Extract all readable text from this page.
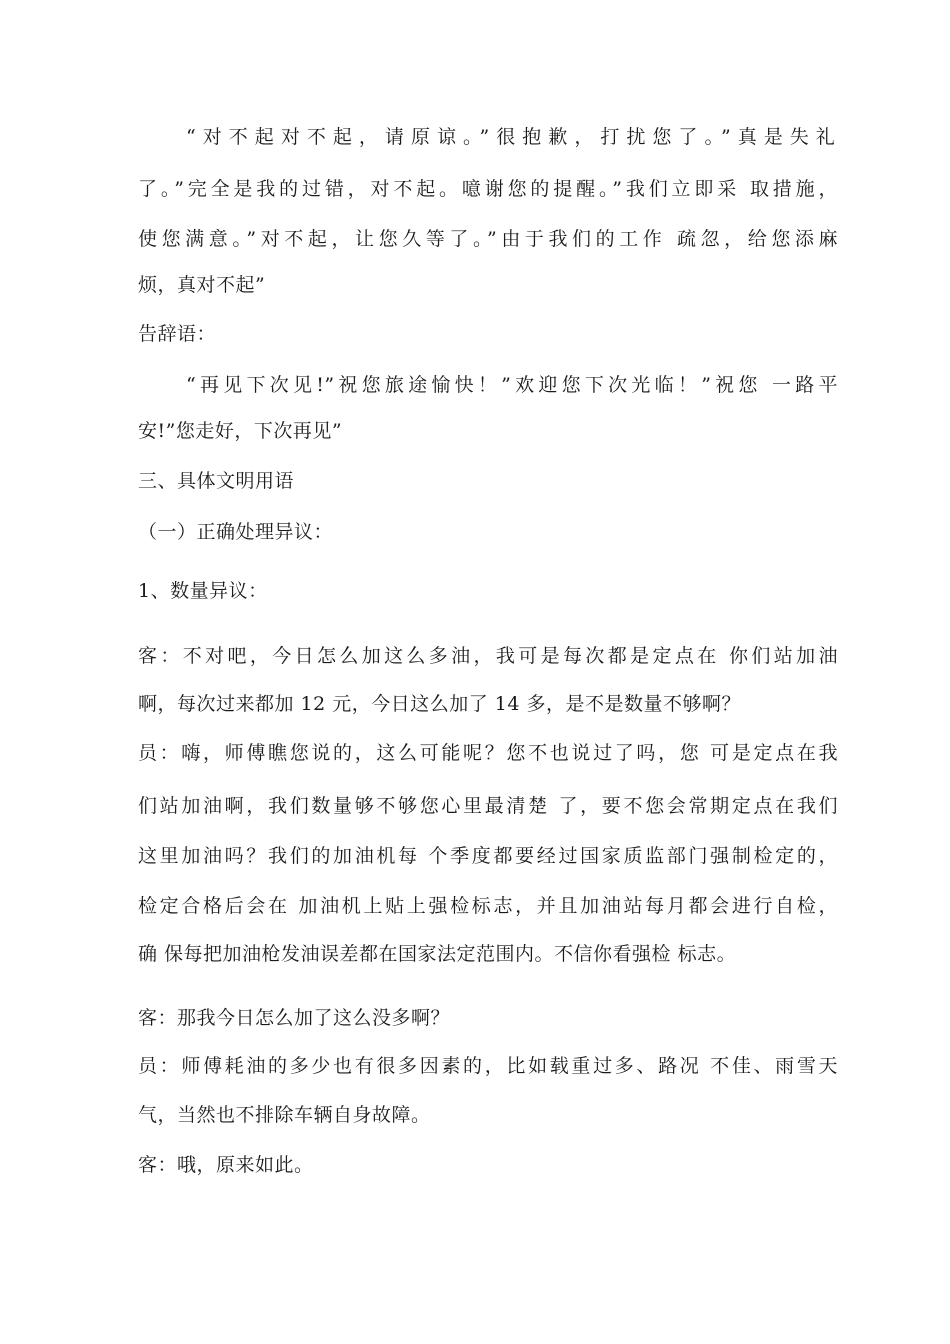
“对不起对不起，请原谅。”很抱歉，打扰您了。”真是失礼
了。”完全是我的过错，对不起。噫谢您的提醒。”我们立即采 取措施，
使您满意。”对不起，让您久等了。”由于我们的工作 疏忽，给您添麻
烦，真对不起”
告辞语：
“再见下次见!”祝您旅途愉快！”欢迎您下次光临！”祝您 一路平
安!”您走好，下次再见”
三、具体文明用语
（一）正确处理异议：
1、数量异议：
客：不对吧，今日怎么加这么多油，我可是每次都是定点在 你们站加油
啊，每次过来都加 12 元，今日这么加了 14 多，是不是数量不够啊？
员：嗨，师傅瞧您说的，这么可能呢？您不也说过了吗，您 可是定点在我
们站加油啊，我们数量够不够您心里最清楚 了，要不您会常期定点在我们
这里加油吗？我们的加油机每 个季度都要经过国家质监部门强制检定的，
检定合格后会在 加油机上贴上强检标志，并且加油站每月都会进行自检，
确 保每把加油枪发油误差都在国家法定范围内。不信你看强检 标志。
客：那我今日怎么加了这么没多啊？
员：师傅耗油的多少也有很多因素的，比如载重过多、路况 不佳、雨雪天
气，当然也不排除车辆自身故障。
客：哦，原来如此。
